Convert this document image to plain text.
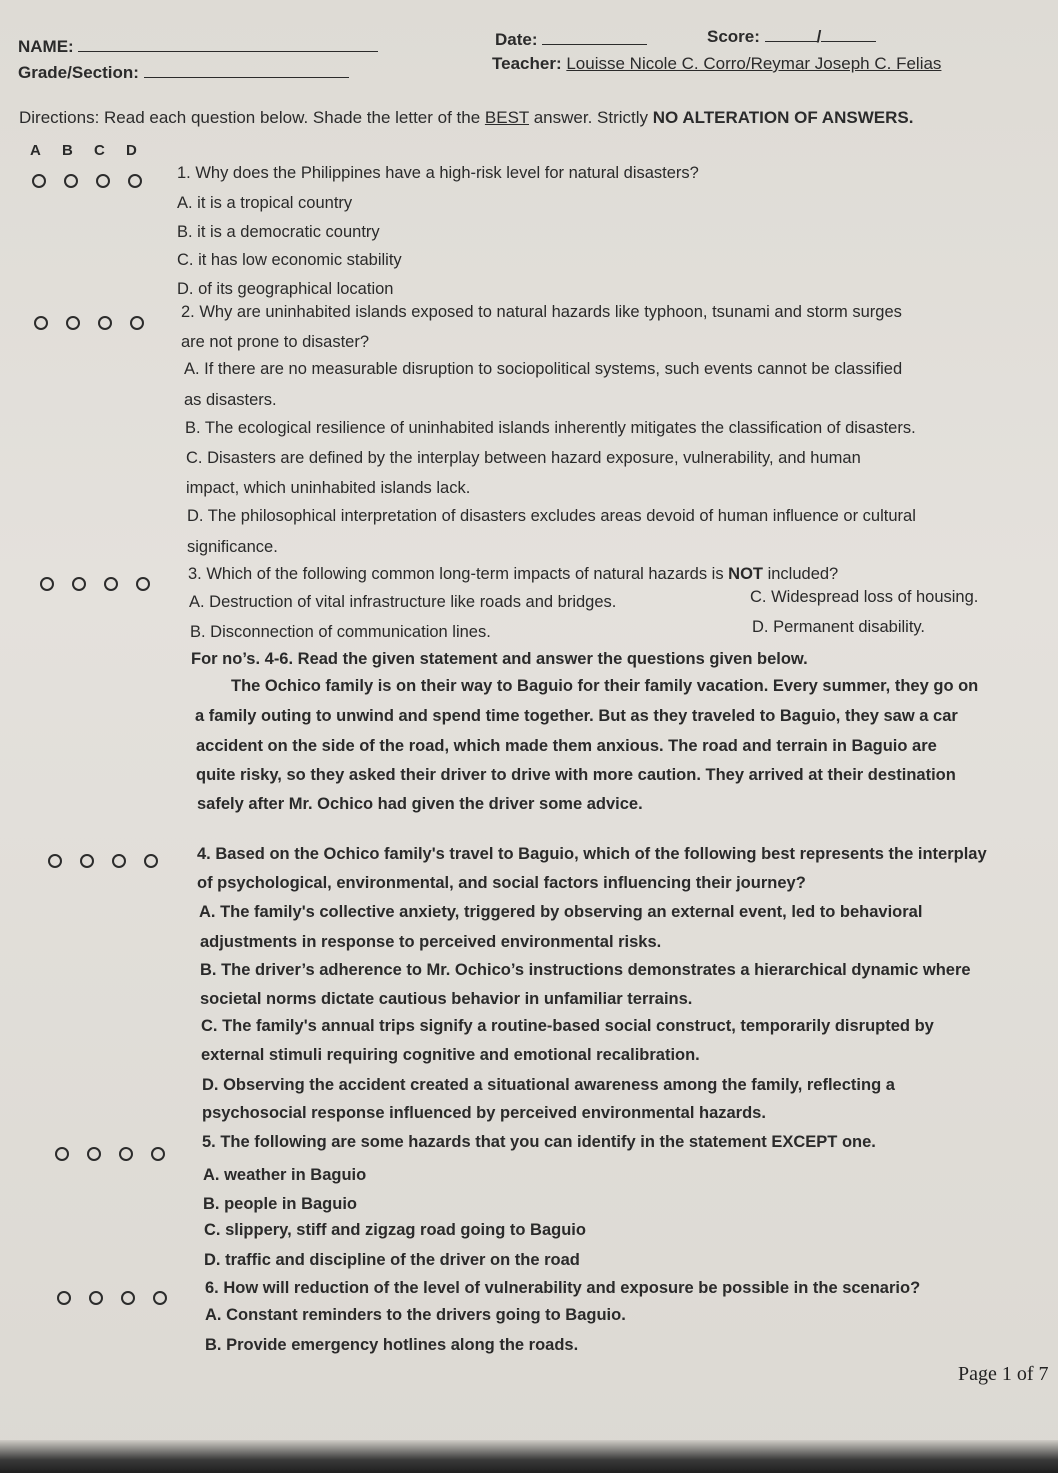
NAME:	Date:	Score:	/
Grade/Section:	Teacher: Louisse Nicole C. Corro/Reymar Joseph C. Felias
Directions: Read each question below. Shade the letter of the BEST answer. Strictly NO ALTERATION OF ANSWERS.
A B C D
1. Why does the Philippines have a high-risk level for natural disasters?
A. it is a tropical country
B. it is a democratic country
C. it has low economic stability
D. of its geographical location
2. Why are uninhabited islands exposed to natural hazards like typhoon, tsunami and storm surges
are not prone to disaster?
A. If there are no measurable disruption to sociopolitical systems, such events cannot be classified
as disasters.
B. The ecological resilience of uninhabited islands inherently mitigates the classification of disasters.
C. Disasters are defined by the interplay between hazard exposure, vulnerability, and human
impact, which uninhabited islands lack.
D. The philosophical interpretation of disasters excludes areas devoid of human influence or cultural
significance.
3. Which of the following common long-term impacts of natural hazards is NOT included?
A. Destruction of vital infrastructure like roads and bridges.	C. Widespread loss of housing.
B. Disconnection of communication lines.	D. Permanent disability.
For no’s. 4-6. Read the given statement and answer the questions given below.
The Ochico family is on their way to Baguio for their family vacation. Every summer, they go on
a family outing to unwind and spend time together. But as they traveled to Baguio, they saw a car
accident on the side of the road, which made them anxious. The road and terrain in Baguio are
quite risky, so they asked their driver to drive with more caution. They arrived at their destination
safely after Mr. Ochico had given the driver some advice.
4. Based on the Ochico family's travel to Baguio, which of the following best represents the interplay
of psychological, environmental, and social factors influencing their journey?
A. The family's collective anxiety, triggered by observing an external event, led to behavioral
adjustments in response to perceived environmental risks.
B. The driver’s adherence to Mr. Ochico’s instructions demonstrates a hierarchical dynamic where
societal norms dictate cautious behavior in unfamiliar terrains.
C. The family's annual trips signify a routine-based social construct, temporarily disrupted by
external stimuli requiring cognitive and emotional recalibration.
D. Observing the accident created a situational awareness among the family, reflecting a
psychosocial response influenced by perceived environmental hazards.
5. The following are some hazards that you can identify in the statement EXCEPT one.
A. weather in Baguio
B. people in Baguio
C. slippery, stiff and zigzag road going to Baguio
D. traffic and discipline of the driver on the road
6. How will reduction of the level of vulnerability and exposure be possible in the scenario?
A. Constant reminders to the drivers going to Baguio.
B. Provide emergency hotlines along the roads.
Page 1 of 7
